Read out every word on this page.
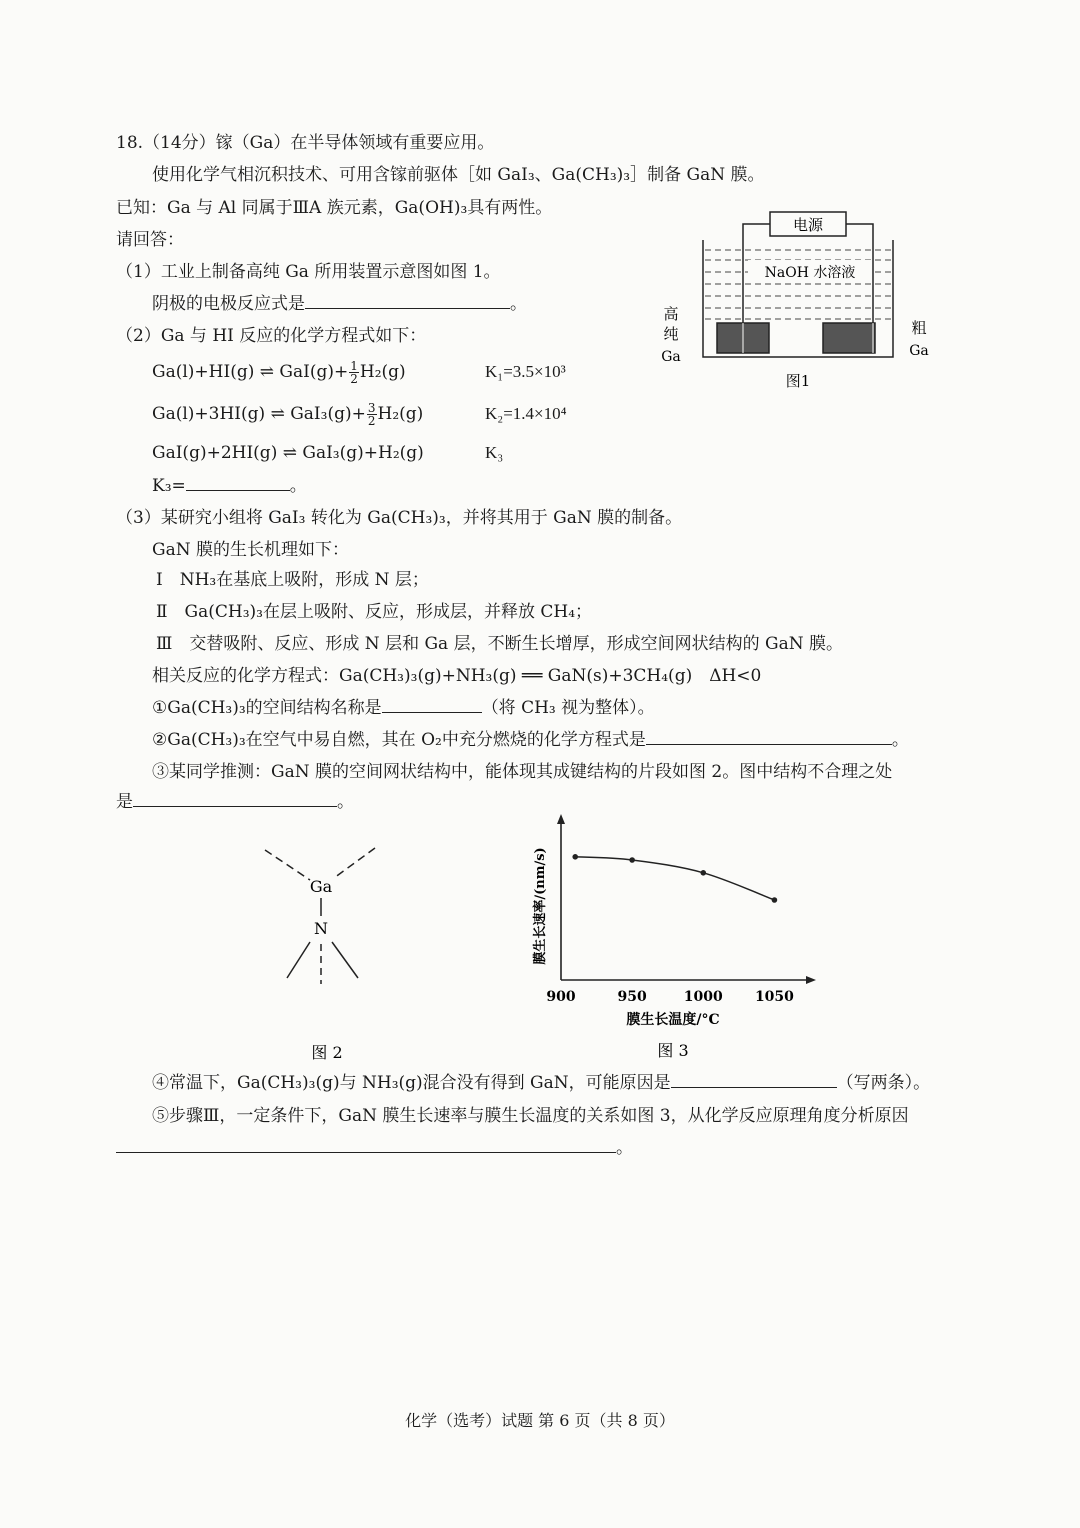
18.（14分）镓（Ga）在半导体领域有重要应用。
使用化学气相沉积技术、可用含镓前驱体［如 GaI₃、Ga(CH₃)₃］制备 GaN 膜。
已知：Ga 与 Al 同属于ⅢA 族元素，Ga(OH)₃具有两性。
请回答：
（1）工业上制备高纯 Ga 所用装置示意图如图 1。
阴极的电极反应式是	。
（2）Ga 与 HI 反应的化学方程式如下：
Ga(l)+HI(g) ⇌ $GaI(g)+ \frac{1}{2} H_2(g)$	K₁=3.5×10³
Ga(l)+3HI(g) ⇌ $GaI_3(g)+ \frac{3}{2} H_2(g)$	K₂=1.4×10⁴
GaI(g)+2HI(g) ⇌ GaI₃(g)+H₂(g)	K₃
K₃=	。
（3）某研究小组将 GaI₃ 转化为 Ga(CH₃)₃，并将其用于 GaN 膜的制备。
GaN 膜的生长机理如下：
Ⅰ　NH₃在基底上吸附，形成 N 层；
Ⅱ　Ga(CH₃)₃在层上吸附、反应，形成层，并释放 CH₄；
Ⅲ　交替吸附、反应、形成 N 层和 Ga 层，不断生长增厚，形成空间网状结构的 GaN 膜。
相关反应的化学方程式：Ga(CH₃)₃(g)+NH₃(g) ══ GaN(s)+3CH₄(g)　ΔH<0
①Ga(CH₃)₃的空间结构名称是	（将 CH₃ 视为整体）。
②Ga(CH₃)₃在空气中易自燃，其在 O₂中充分燃烧的化学方程式是	。
③某同学推测：GaN 膜的空间网状结构中，能体现其成键结构的片段如图 2。图中结构不合理之处
是	。
电源
NaOH 水溶液
高
纯
Ga
粗
Ga
图1
Ga
N
图 2
900	950	1000 1050
膜生长温度/°C
膜生长速率/(nm/s)
图 3
④常温下，Ga(CH₃)₃(g)与 NH₃(g)混合没有得到 GaN，可能原因是	（写两条）。
⑤步骤Ⅲ，一定条件下，GaN 膜生长速率与膜生长温度的关系如图 3，从化学反应原理角度分析原因
。
化学（选考）试题 第 6 页（共 8 页）
